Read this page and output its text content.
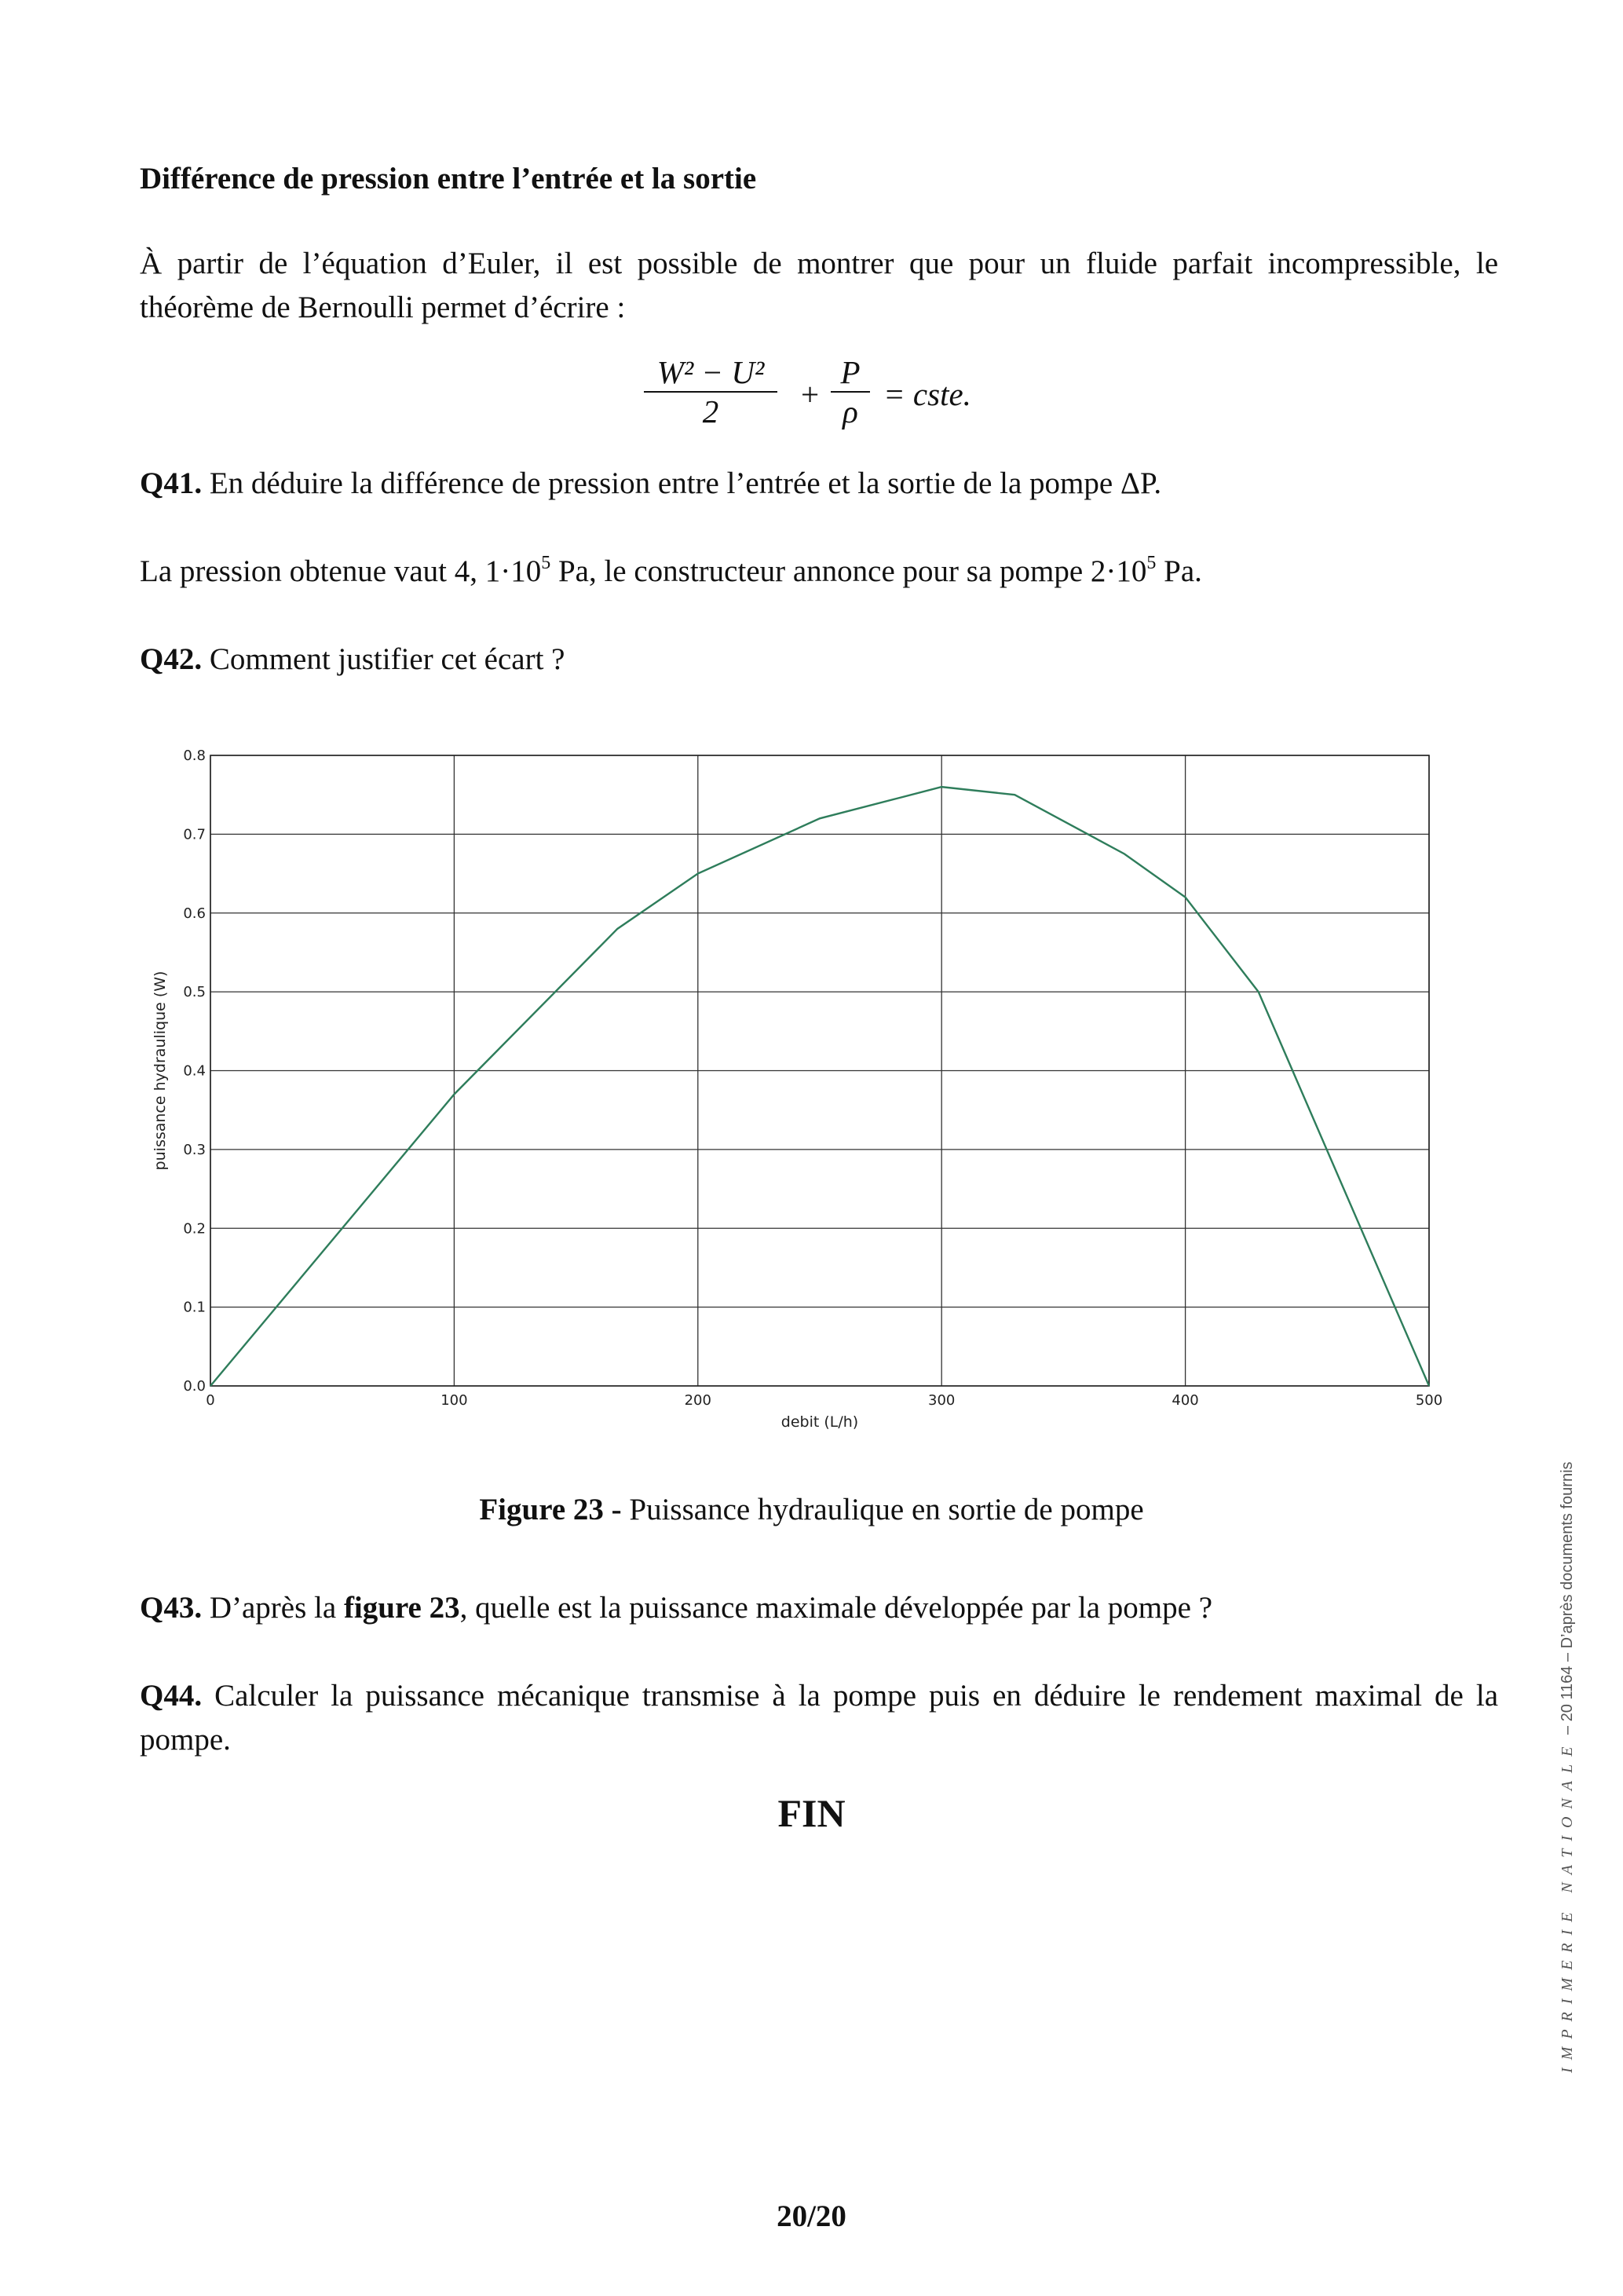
Différence de pression entre l’entrée et la sortie
À partir de l’équation d’Euler, il est possible de montrer que pour un fluide parfait incompressible, le théorème de Bernoulli permet d’écrire :
W² − U²
2	+
P
ρ = cste.
Q41. En déduire la différence de pression entre l’entrée et la sortie de la pompe ΔP.
La pression obtenue vaut 4, $1\cdot 10^5$ Pa, le constructeur annonce pour sa pompe $2\cdot 10^5$ Pa.
Q42. Comment justifier cet écart ?
0	100	200	300	400	500
0.0
0.1
0.2
0.3
0.4
0.5
0.6
0.7
0.8
debit (L/h)
puissance hydraulique (W)
Figure 23 - Puissance hydraulique en sortie de pompe
Q43. D’après la figure 23, quelle est la puissance maximale développée par la pompe ?
Q44. Calculer la puissance mécanique transmise à la pompe puis en déduire le rendement maximal de la pompe.
FIN
20/20
IMPRIMERIE NATIONALE – 20 1164 – D’après documents fournis
